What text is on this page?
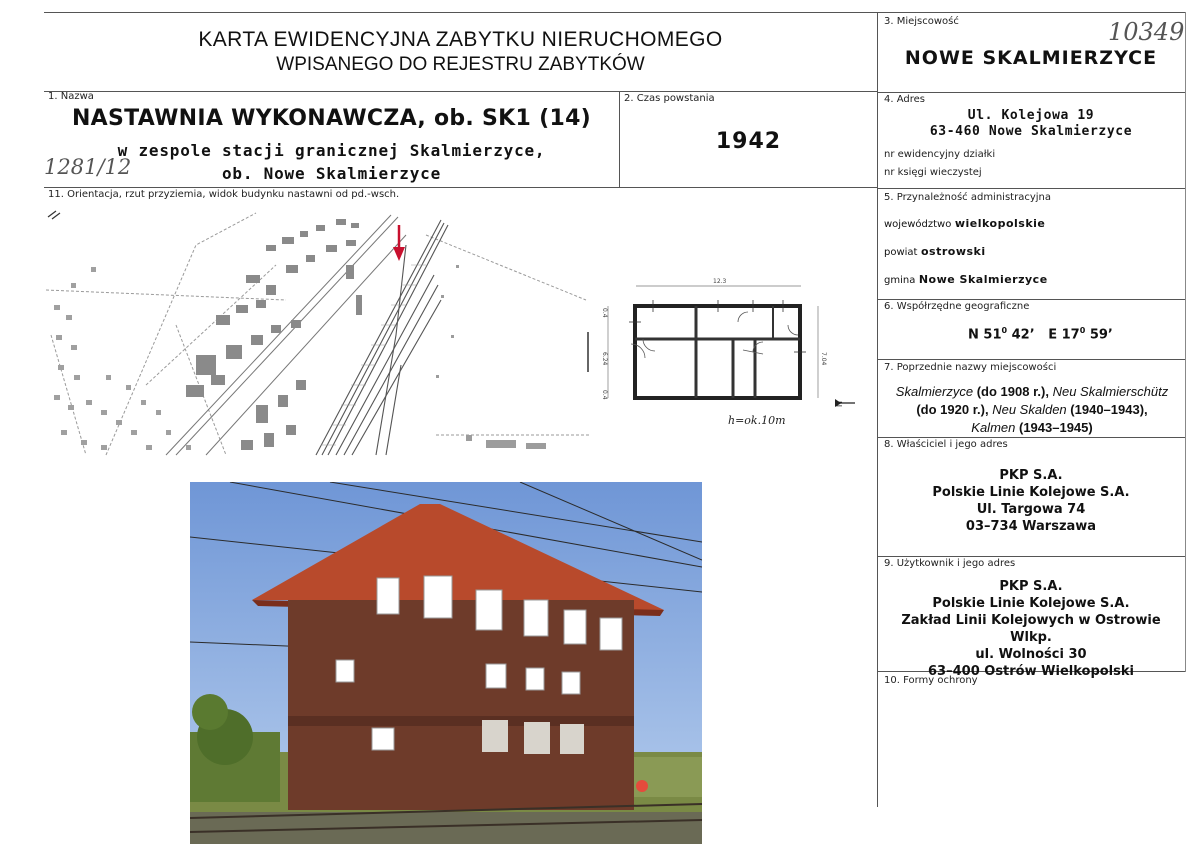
KARTA EWIDENCYJNA ZABYTKU NIERUCHOMEGO
WPISANEGO DO REJESTRU ZABYTKÓW
3. Miejscowość	10349
NOWE SKALMIERZYCE
1. Nazwa
NASTAWNIA WYKONAWCZA, ob. SK1 (14)
w zespole stacji granicznej Skalmierzyce,
ob. Nowe Skalmierzyce
1281/12
2. Czas powstania
1942
4. Adres
Ul. Kolejowa 19
63-460 Nowe Skalmierzyce
nr ewidencyjny działki
nr księgi wieczystej
5. Przynależność administracyjna
województwo wielkopolskie
powiat ostrowski
gmina Nowe Skalmierzyce
6. Współrzędne geograficzne
N $51^0$ 42’ E $17^0$ 59’
7. Poprzednie nazwy miejscowości
Skalmierzyce (do 1908 r.), Neu Skalmierschütz
(do 1920 r.), Neu Skalden (1940–1943),
Kalmen (1943–1945)
8. Właściciel i jego adres
PKP S.A.
Polskie Linie Kolejowe S.A.
Ul. Targowa 74
03–734 Warszawa
9. Użytkownik i jego adres
PKP S.A.
Polskie Linie Kolejowe S.A.
Zakład Linii Kolejowych w Ostrowie Wlkp.
ul. Wolności 30
63–400 Ostrów Wielkopolski
10. Formy ochrony
11. Orientacja, rzut przyziemia, widok budynku nastawni od pd.-wsch.
12.3
7.04
6.24
0.4
0.4
h=ok.10m
N
